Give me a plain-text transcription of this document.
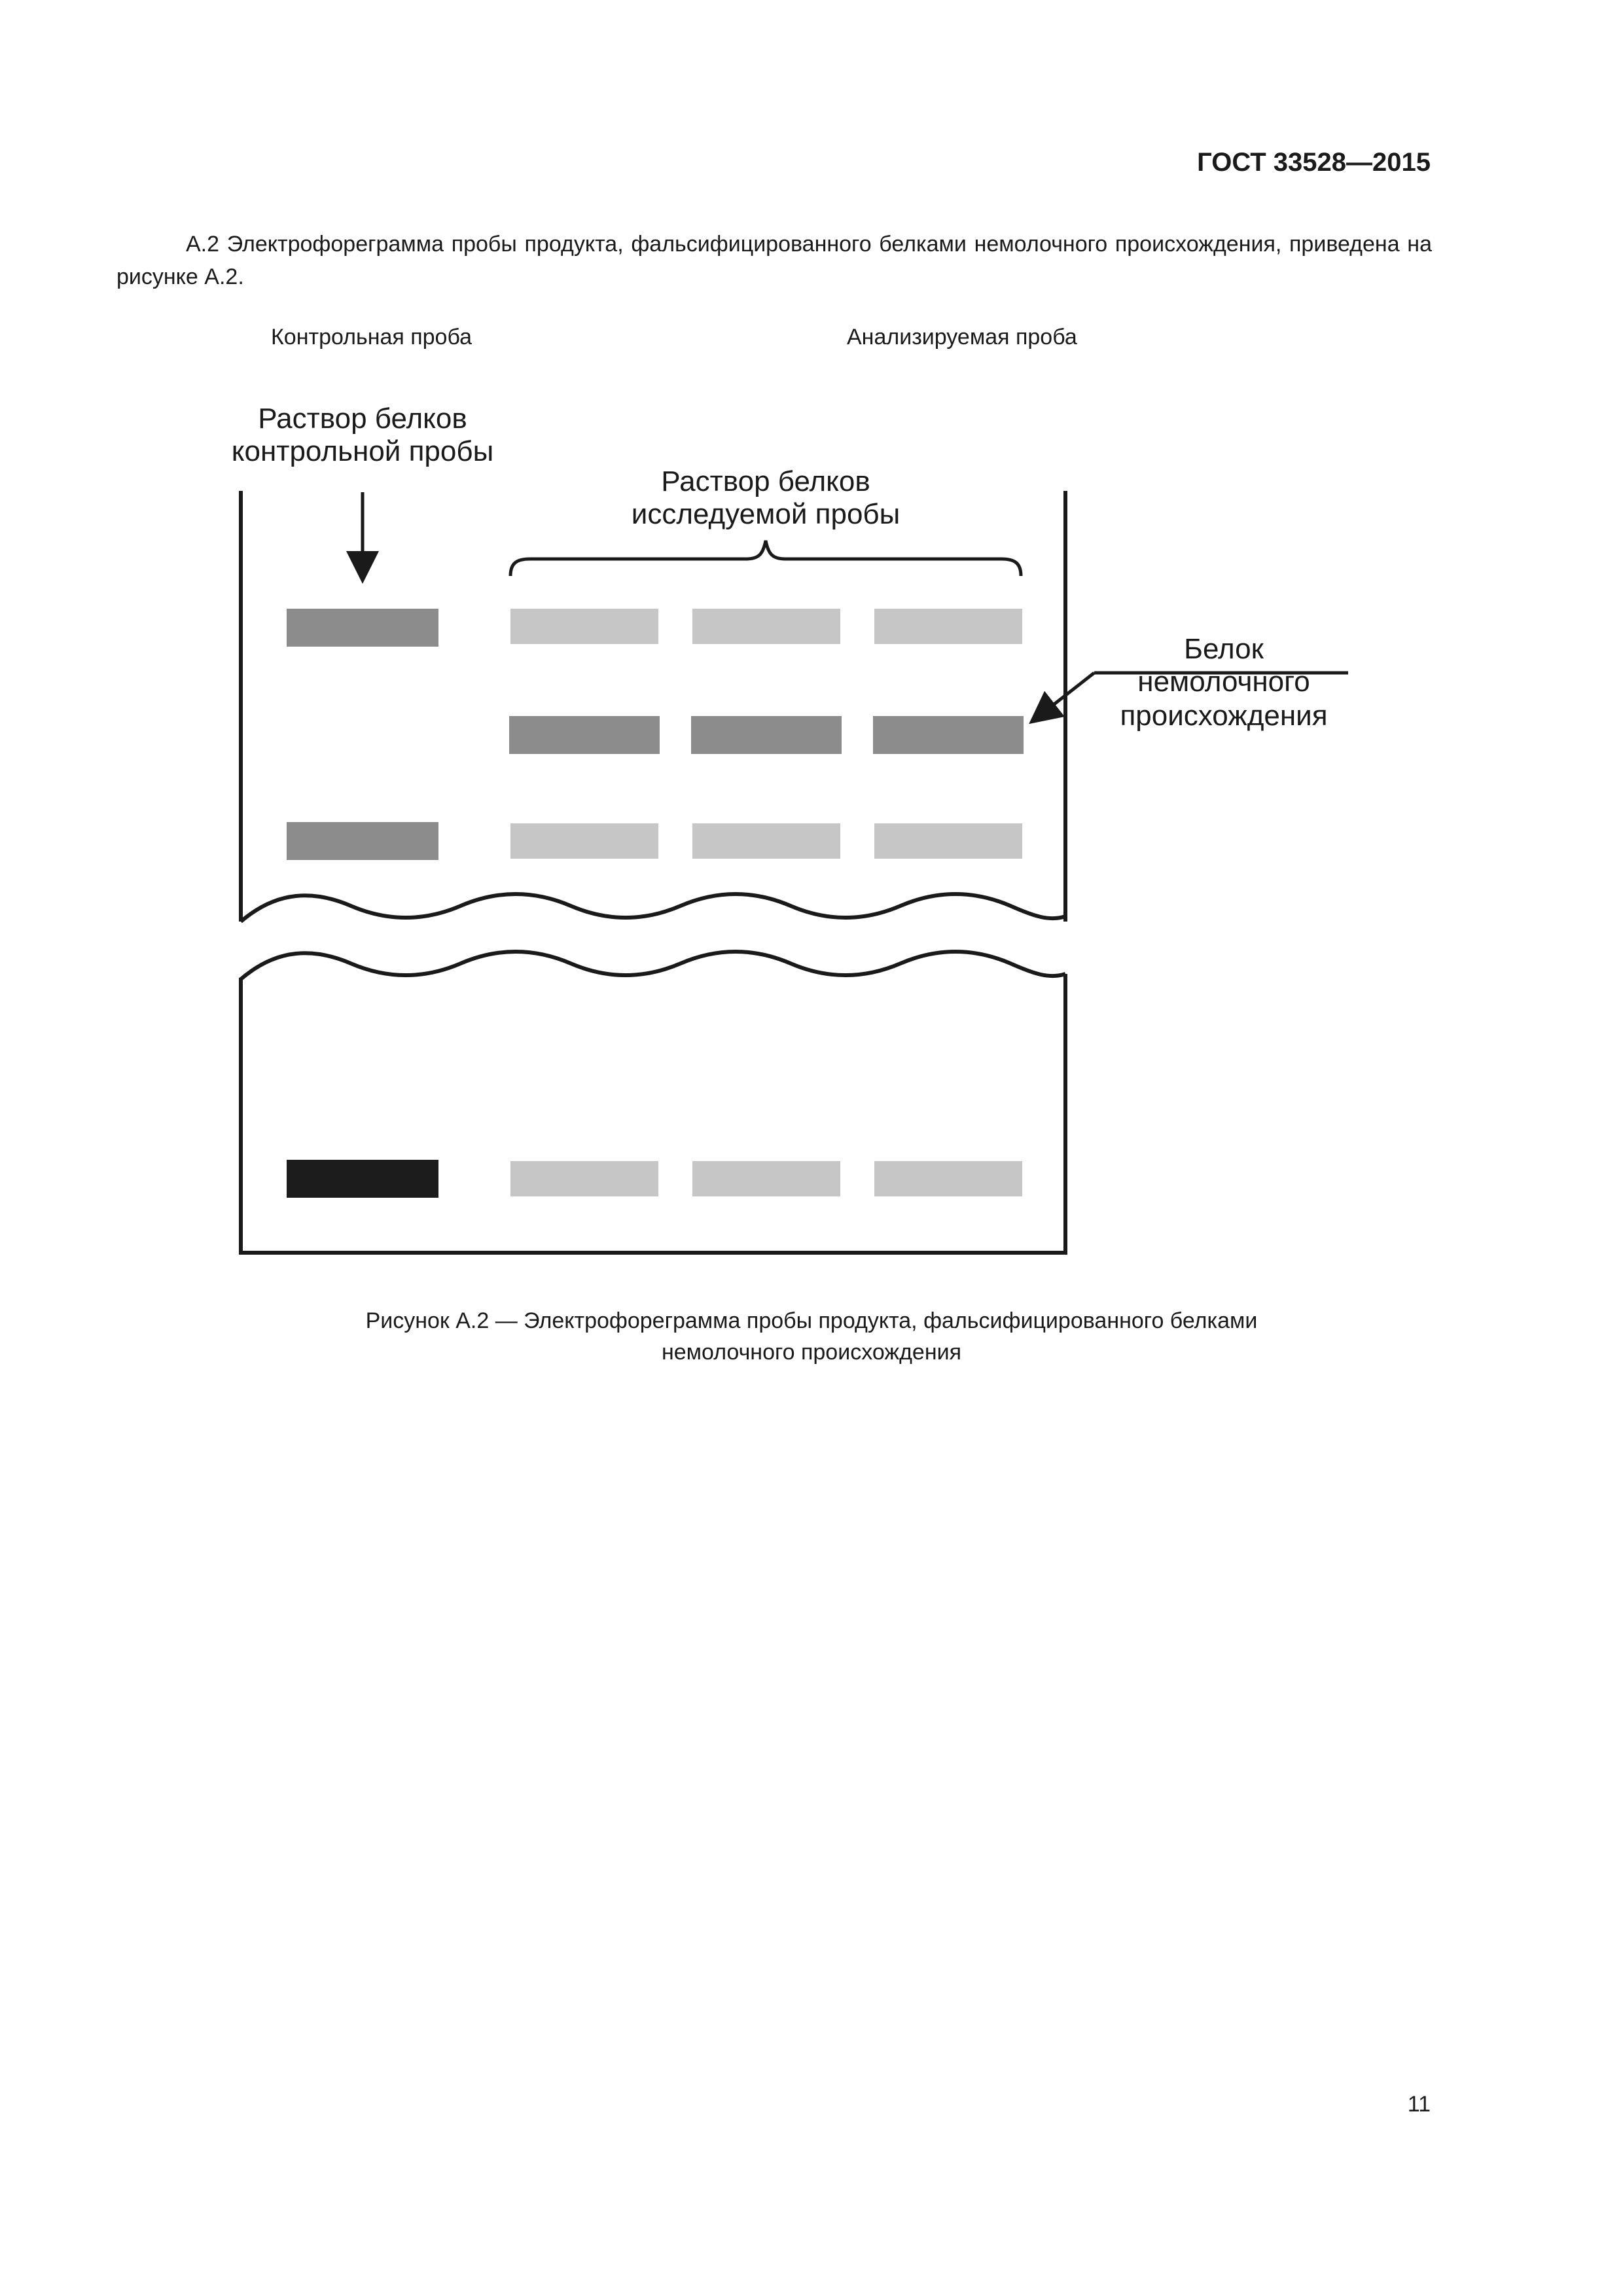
ГОСТ 33528—2015

А.2 Электрофореграмма пробы продукта, фальсифицированного белками немолочного происхождения, приведена на рисунке А.2.

Контрольная проба	Анализируемая проба
Раствор белков
контрольной пробы
Раствор белков
исследуемой пробы
Белок
немолочного
происхождения
Рисунок А.2 — Электрофореграмма пробы продукта, фальсифицированного белками
немолочного происхождения
11
